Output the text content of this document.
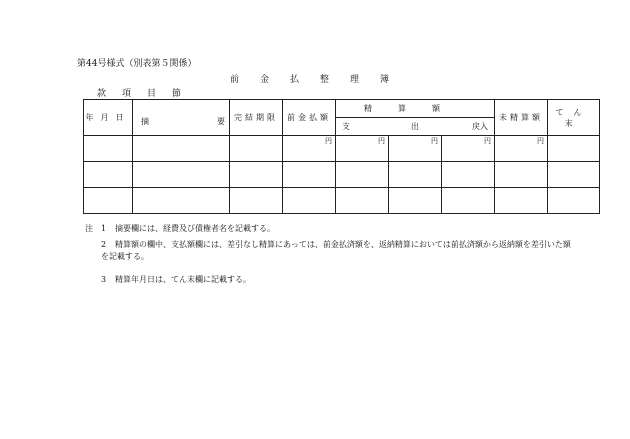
第44号様式（別表第５関係）
前金払整理簿
款項目節
年月日	摘 要	完結期限	前金払額	精算額			未精算額	てん末

				支 出 戻入				

			円	円	円	円	円	

注 1 摘要欄には、経費及び債権者名を記載する。
2 精算額の欄中、支払額欄には、差引なし精算にあっては、前金払済額を、返納精算においては前払済額から返納額を差引いた額を記載する。
3 精算年月日は、てん末欄に記載する。
